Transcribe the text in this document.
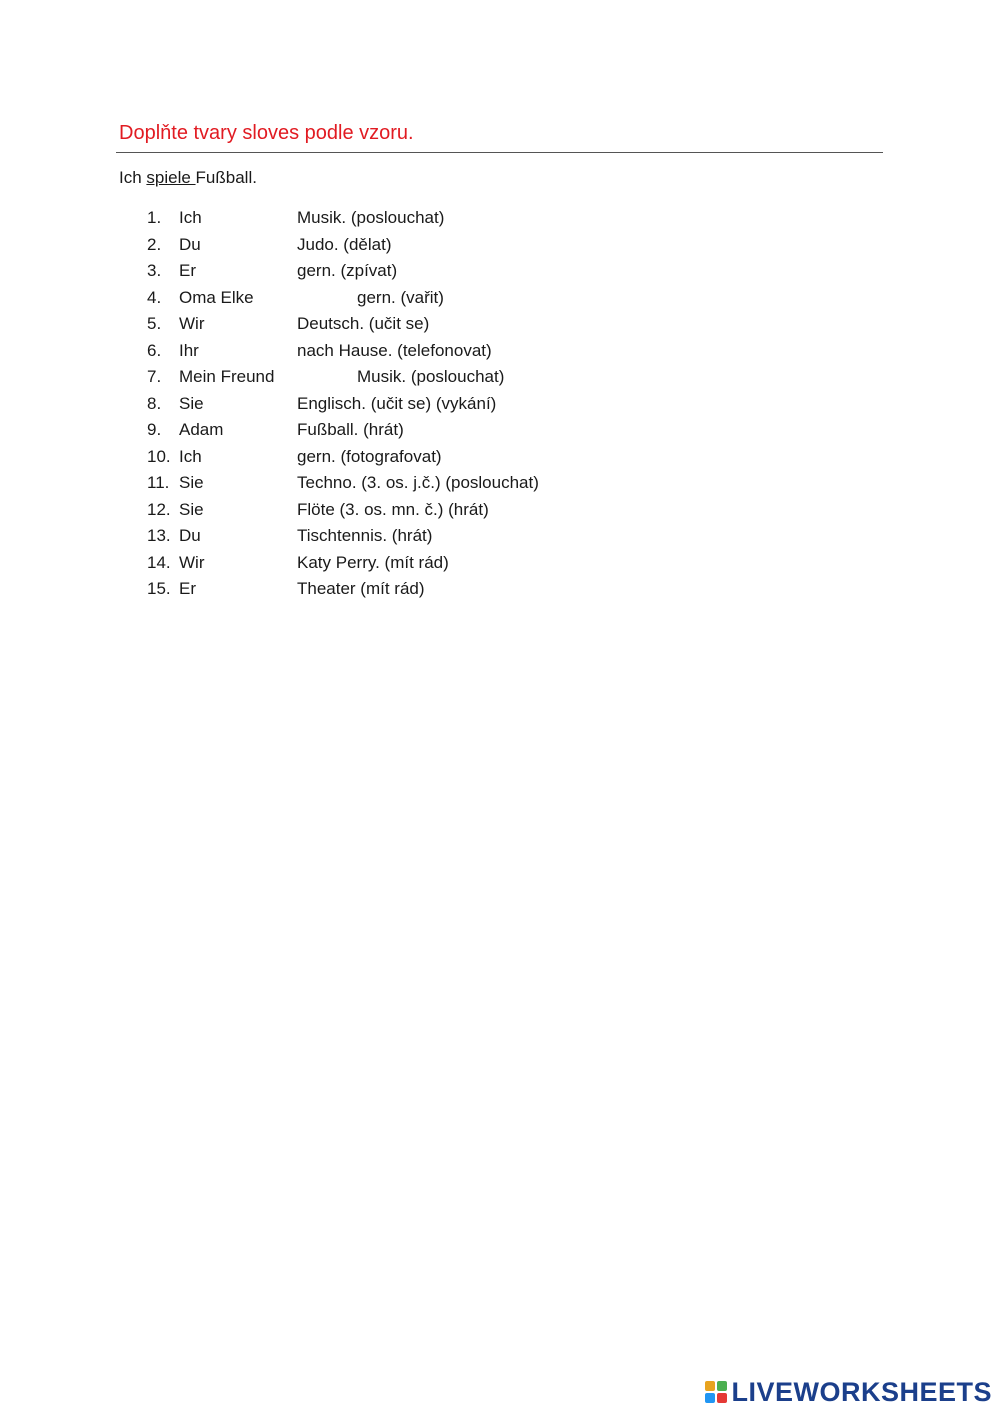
Doplňte tvary sloves podle vzoru.
Ich spiele Fußball.
1. Ich	Musik. (poslouchat)
2. Du	Judo. (dělat)
3. Er	gern. (zpívat)
4. Oma Elke	gern. (vařit)
5. Wir	Deutsch. (učit se)
6. Ihr	nach Hause. (telefonovat)
7. Mein Freund	Musik. (poslouchat)
8. Sie	Englisch. (učit se) (vykání)
9. Adam	Fußball. (hrát)
10. Ich	gern. (fotografovat)
11. Sie	Techno. (3. os. j.č.) (poslouchat)
12. Sie	Flöte (3. os. mn. č.) (hrát)
13. Du	Tischtennis. (hrát)
14. Wir	Katy Perry. (mít rád)
15. Er	Theater (mít rád)
LIVEWORKSHEETS
